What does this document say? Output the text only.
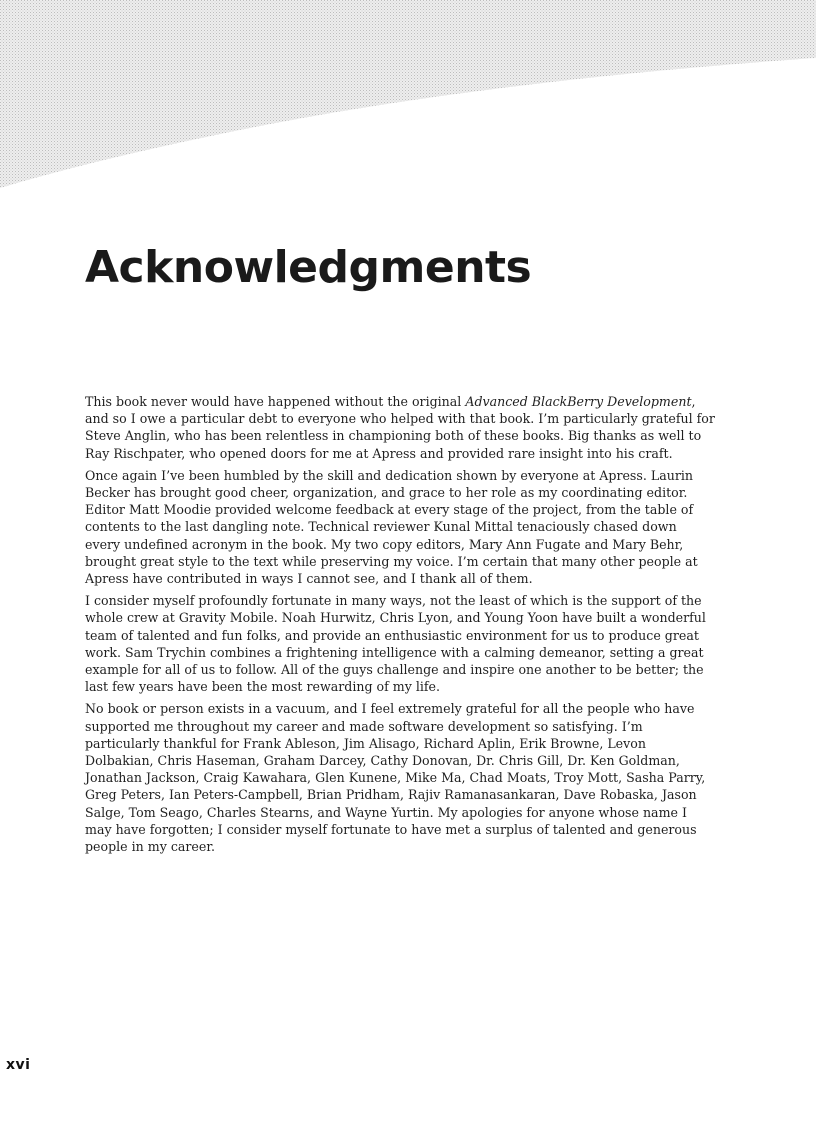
Acknowledgments

This book never would have happened without the original Advanced BlackBerry Development, and so I owe a particular debt to everyone who helped with that book. I’m particularly grateful for Steve Anglin, who has been relentless in championing both of these books. Big thanks as well to Ray Rischpater, who opened doors for me at Apress and provided rare insight into his craft.

Once again I’ve been humbled by the skill and dedication shown by everyone at Apress. Laurin Becker has brought good cheer, organization, and grace to her role as my coordinating editor. Editor Matt Moodie provided welcome feedback at every stage of the project, from the table of contents to the last dangling note. Technical reviewer Kunal Mittal tenaciously chased down every undefined acronym in the book. My two copy editors, Mary Ann Fugate and Mary Behr, brought great style to the text while preserving my voice. I’m certain that many other people at Apress have contributed in ways I cannot see, and I thank all of them.

I consider myself profoundly fortunate in many ways, not the least of which is the support of the whole crew at Gravity Mobile. Noah Hurwitz, Chris Lyon, and Young Yoon have built a wonderful team of talented and fun folks, and provide an enthusiastic environment for us to produce great work. Sam Trychin combines a frightening intelligence with a calming demeanor, setting a great example for all of us to follow. All of the guys challenge and inspire one another to be better; the last few years have been the most rewarding of my life.

No book or person exists in a vacuum, and I feel extremely grateful for all the people who have supported me throughout my career and made software development so satisfying. I’m particularly thankful for Frank Ableson, Jim Alisago, Richard Aplin, Erik Browne, Levon Dolbakian, Chris Haseman, Graham Darcey, Cathy Donovan, Dr. Chris Gill, Dr. Ken Goldman, Jonathan Jackson, Craig Kawahara, Glen Kunene, Mike Ma, Chad Moats, Troy Mott, Sasha Parry, Greg Peters, Ian Peters-Campbell, Brian Pridham, Rajiv Ramanasankaran, Dave Robaska, Jason Salge, Tom Seago, Charles Stearns, and Wayne Yurtin. My apologies for anyone whose name I may have forgotten; I consider myself fortunate to have met a surplus of talented and generous people in my career.

xvi
